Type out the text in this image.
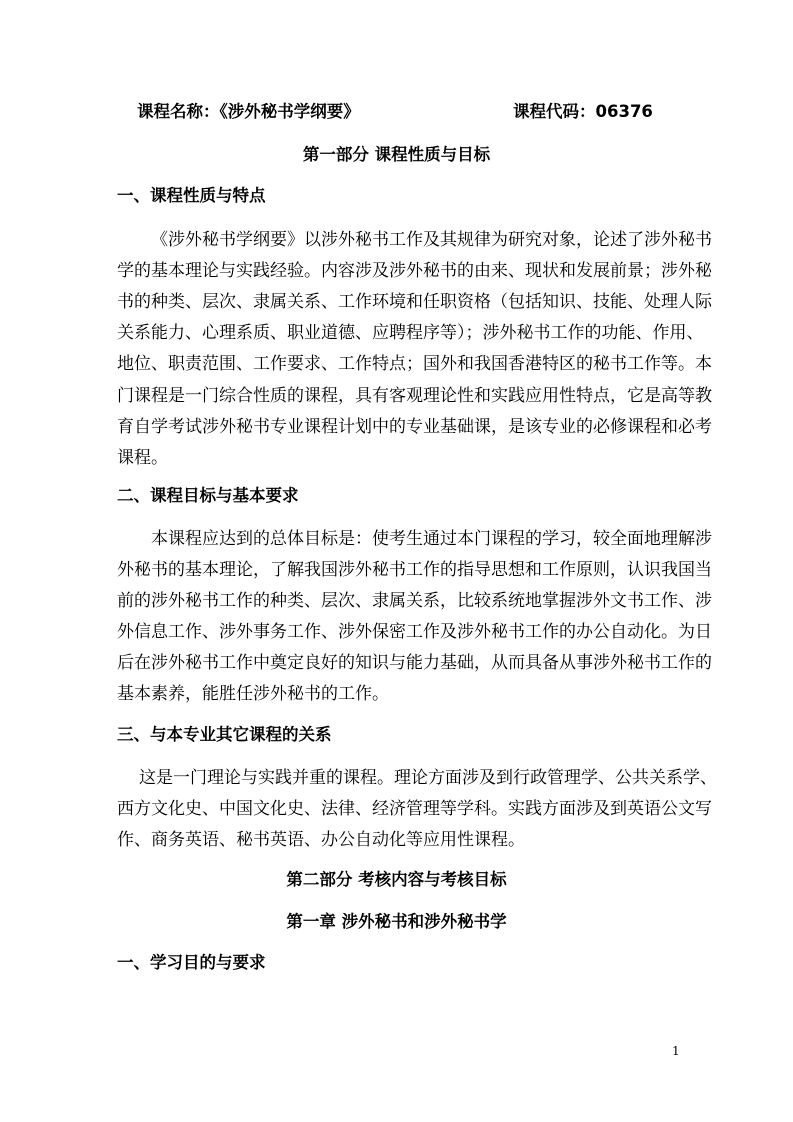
课程名称：《涉外秘书学纲要》	课程代码：06376
第一部分 课程性质与目标
一、课程性质与特点
《涉外秘书学纲要》以涉外秘书工作及其规律为研究对象，论述了涉外秘书
学的基本理论与实践经验。内容涉及涉外秘书的由来、现状和发展前景；涉外秘
书的种类、层次、隶属关系、工作环境和任职资格（包括知识、技能、处理人际
关系能力、心理系质、职业道德、应聘程序等）；涉外秘书工作的功能、作用、
地位、职责范围、工作要求、工作特点；国外和我国香港特区的秘书工作等。本
门课程是一门综合性质的课程，具有客观理论性和实践应用性特点，它是高等教
育自学考试涉外秘书专业课程计划中的专业基础课，是该专业的必修课程和必考
课程。
二、课程目标与基本要求
本课程应达到的总体目标是：使考生通过本门课程的学习，较全面地理解涉
外秘书的基本理论，了解我国涉外秘书工作的指导思想和工作原则，认识我国当
前的涉外秘书工作的种类、层次、隶属关系，比较系统地掌握涉外文书工作、涉
外信息工作、涉外事务工作、涉外保密工作及涉外秘书工作的办公自动化。为日
后在涉外秘书工作中奠定良好的知识与能力基础，从而具备从事涉外秘书工作的
基本素养，能胜任涉外秘书的工作。
三、与本专业其它课程的关系
这是一门理论与实践并重的课程。理论方面涉及到行政管理学、公共关系学、
西方文化史、中国文化史、法律、经济管理等学科。实践方面涉及到英语公文写
作、商务英语、秘书英语、办公自动化等应用性课程。
第二部分 考核内容与考核目标
第一章 涉外秘书和涉外秘书学
一、学习目的与要求
1
